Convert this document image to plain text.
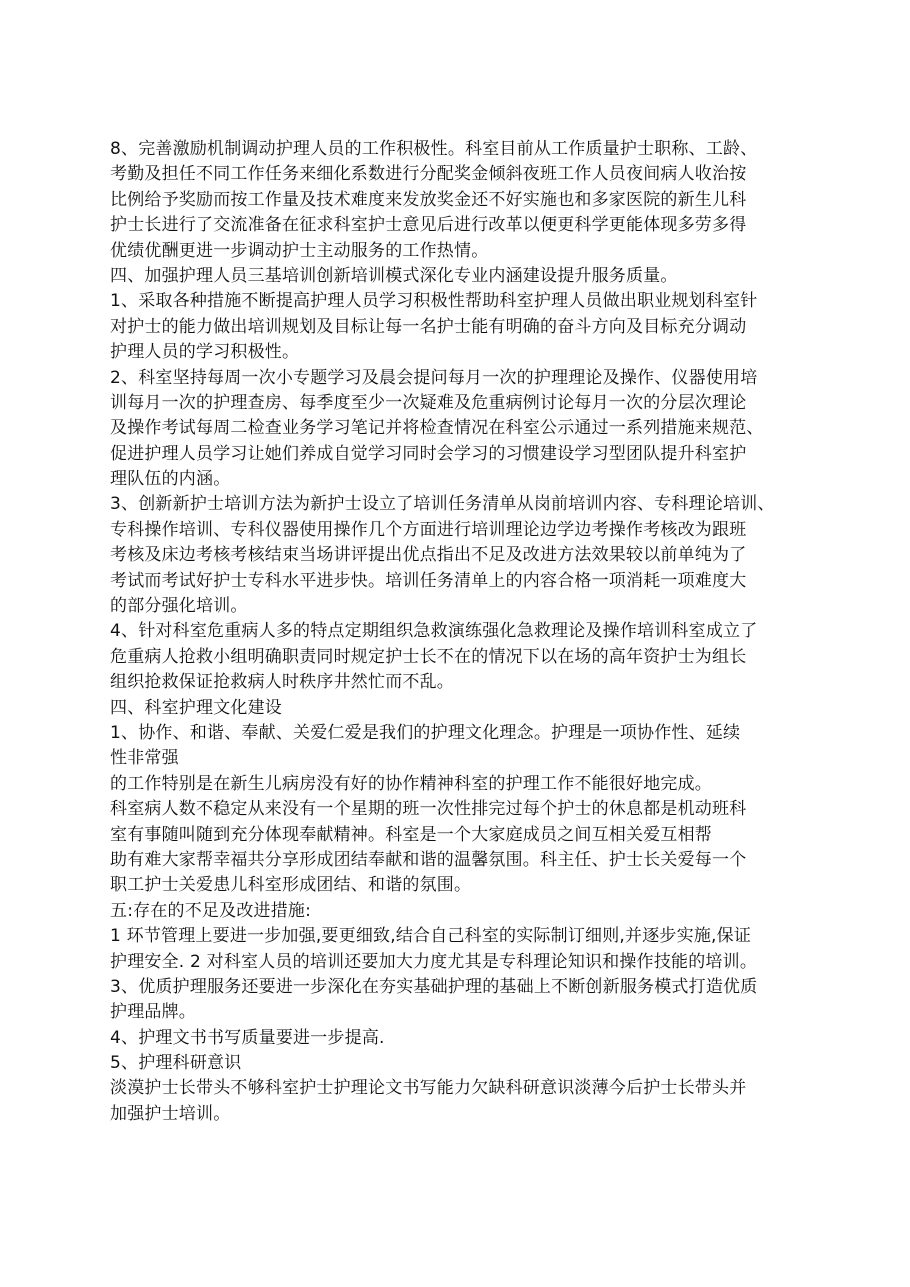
8、完善激励机制调动护理人员的工作积极性。科室目前从工作质量护士职称、工龄、
考勤及担任不同工作任务来细化系数进行分配奖金倾斜夜班工作人员夜间病人收治按
比例给予奖励而按工作量及技术难度来发放奖金还不好实施也和多家医院的新生儿科
护士长进行了交流准备在征求科室护士意见后进行改革以便更科学更能体现多劳多得
优绩优酬更进一步调动护士主动服务的工作热情。
四、加强护理人员三基培训创新培训模式深化专业内涵建设提升服务质量。
1、采取各种措施不断提高护理人员学习积极性帮助科室护理人员做出职业规划科室针
对护士的能力做出培训规划及目标让每一名护士能有明确的奋斗方向及目标充分调动
护理人员的学习积极性。
2、科室坚持每周一次小专题学习及晨会提问每月一次的护理理论及操作、仪器使用培
训每月一次的护理查房、每季度至少一次疑难及危重病例讨论每月一次的分层次理论
及操作考试每周二检查业务学习笔记并将检查情况在科室公示通过一系列措施来规范、
促进护理人员学习让她们养成自觉学习同时会学习的习惯建设学习型团队提升科室护
理队伍的内涵。
3、创新新护士培训方法为新护士设立了培训任务清单从岗前培训内容、专科理论培训、
专科操作培训、专科仪器使用操作几个方面进行培训理论边学边考操作考核改为跟班
考核及床边考核考核结束当场讲评提出优点指出不足及改进方法效果较以前单纯为了
考试而考试好护士专科水平进步快。培训任务清单上的内容合格一项消耗一项难度大
的部分强化培训。
4、针对科室危重病人多的特点定期组织急救演练强化急救理论及操作培训科室成立了
危重病人抢救小组明确职责同时规定护士长不在的情况下以在场的高年资护士为组长
组织抢救保证抢救病人时秩序井然忙而不乱。
四、科室护理文化建设
1、协作、和谐、奉献、关爱仁爱是我们的护理文化理念。护理是一项协作性、延续
性非常强
的工作特别是在新生儿病房没有好的协作精神科室的护理工作不能很好地完成。
科室病人数不稳定从来没有一个星期的班一次性排完过每个护士的休息都是机动班科
室有事随叫随到充分体现奉献精神。科室是一个大家庭成员之间互相关爱互相帮
助有难大家帮幸福共分享形成团结奉献和谐的温馨氛围。科主任、护士长关爱每一个
职工护士关爱患儿科室形成团结、和谐的氛围。
五:存在的不足及改进措施:
1 环节管理上要进一步加强,要更细致,结合自己科室的实际制订细则,并逐步实施,保证
护理安全. 2 对科室人员的培训还要加大力度尤其是专科理论知识和操作技能的培训。
3、优质护理服务还要进一步深化在夯实基础护理的基础上不断创新服务模式打造优质
护理品牌。
4、护理文书书写质量要进一步提高.
5、护理科研意识
淡漠护士长带头不够科室护士护理论文书写能力欠缺科研意识淡薄今后护士长带头并
加强护士培训。
